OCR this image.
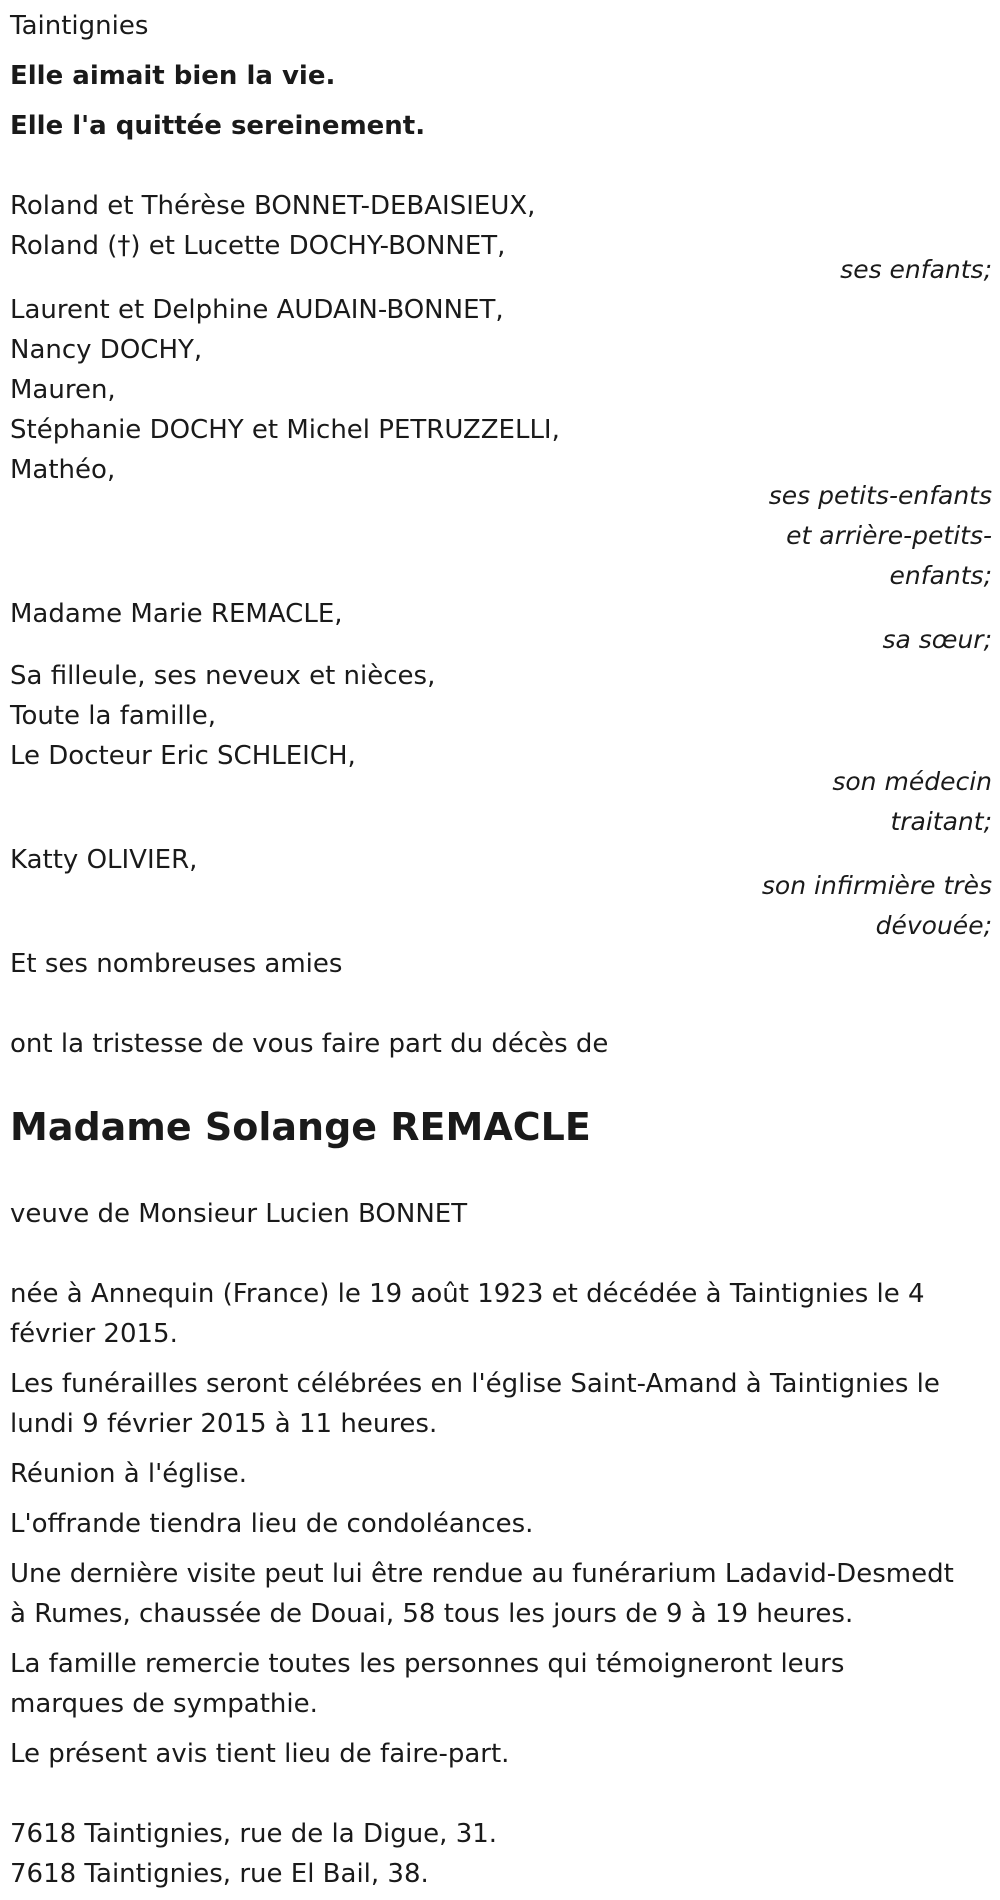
Taintignies
Elle aimait bien la vie.
Elle l'a quittée sereinement.
Roland et Thérèse BONNET-DEBAISIEUX,
Roland (†) et Lucette DOCHY-BONNET,
ses enfants;
Laurent et Delphine AUDAIN-BONNET,
Nancy DOCHY,
Mauren,
Stéphanie DOCHY et Michel PETRUZZELLI,
Mathéo,
ses petits-enfants
et arrière-petits-
enfants;
Madame Marie REMACLE,
sa sœur;
Sa filleule, ses neveux et nièces,
Toute la famille,
Le Docteur Eric SCHLEICH,
son médecin
traitant;
Katty OLIVIER,
son infirmière très
dévouée;
Et ses nombreuses amies
ont la tristesse de vous faire part du décès de
Madame Solange REMACLE
veuve de Monsieur Lucien BONNET
née à Annequin (France) le 19 août 1923 et décédée à Taintignies le 4
février 2015.
Les funérailles seront célébrées en l'église Saint-Amand à Taintignies le
lundi 9 février 2015 à 11 heures.
Réunion à l'église.
L'offrande tiendra lieu de condoléances.
Une dernière visite peut lui être rendue au funérarium Ladavid-Desmedt
à Rumes, chaussée de Douai, 58 tous les jours de 9 à 19 heures.
La famille remercie toutes les personnes qui témoigneront leurs
marques de sympathie.
Le présent avis tient lieu de faire-part.
7618 Taintignies, rue de la Digue, 31.
7618 Taintignies, rue El Bail, 38.
